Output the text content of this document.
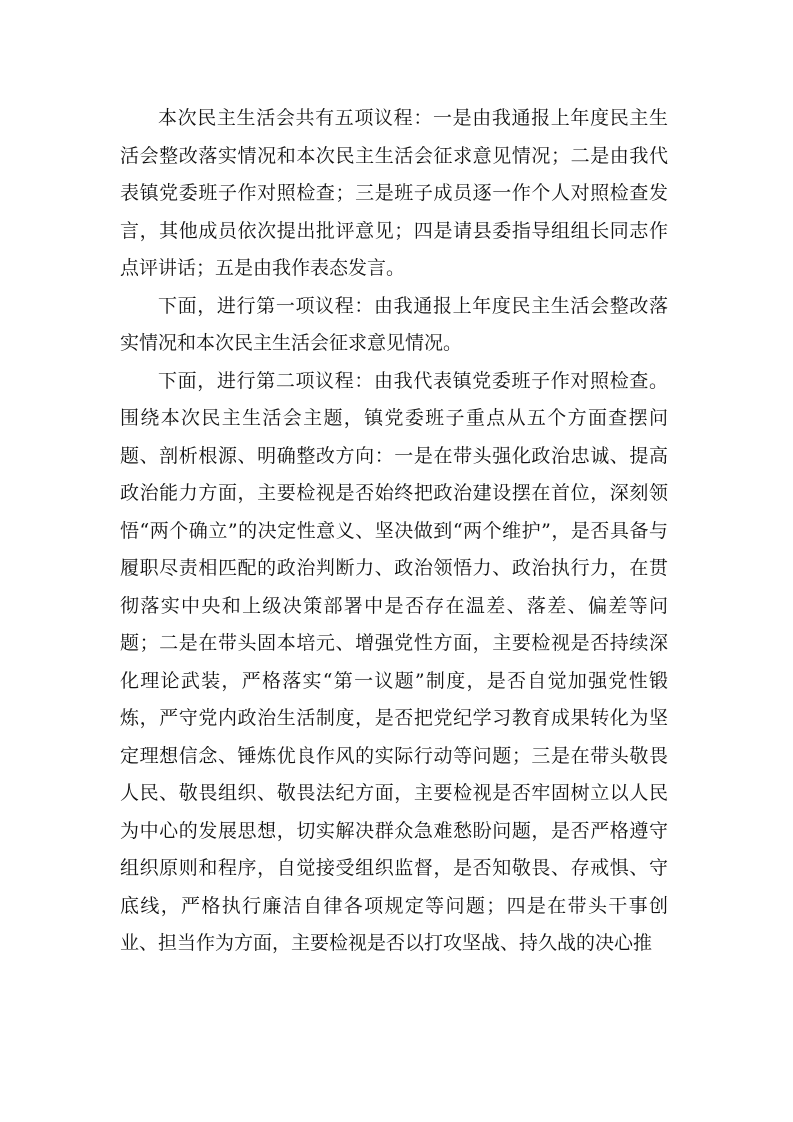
本次民主生活会共有五项议程：一是由我通报上年度民主生活会整改落实情况和本次民主生活会征求意见情况；二是由我代表镇党委班子作对照检查；三是班子成员逐一作个人对照检查发言，其他成员依次提出批评意见；四是请县委指导组组长同志作点评讲话；五是由我作表态发言。

下面，进行第一项议程：由我通报上年度民主生活会整改落实情况和本次民主生活会征求意见情况。

下面，进行第二项议程：由我代表镇党委班子作对照检查。围绕本次民主生活会主题，镇党委班子重点从五个方面查摆问题、剖析根源、明确整改方向：一是在带头强化政治忠诚、提高政治能力方面，主要检视是否始终把政治建设摆在首位，深刻领悟“两个确立”的决定性意义、坚决做到“两个维护”，是否具备与履职尽责相匹配的政治判断力、政治领悟力、政治执行力，在贯彻落实中央和上级决策部署中是否存在温差、落差、偏差等问题；二是在带头固本培元、增强党性方面，主要检视是否持续深化理论武装，严格落实“第一议题”制度，是否自觉加强党性锻炼，严守党内政治生活制度，是否把党纪学习教育成果转化为坚定理想信念、锤炼优良作风的实际行动等问题；三是在带头敬畏人民、敬畏组织、敬畏法纪方面，主要检视是否牢固树立以人民为中心的发展思想，切实解决群众急难愁盼问题，是否严格遵守组织原则和程序，自觉接受组织监督，是否知敬畏、存戒惧、守底线，严格执行廉洁自律各项规定等问题；四是在带头干事创业、担当作为方面，主要检视是否以打攻坚战、持久战的决心推
